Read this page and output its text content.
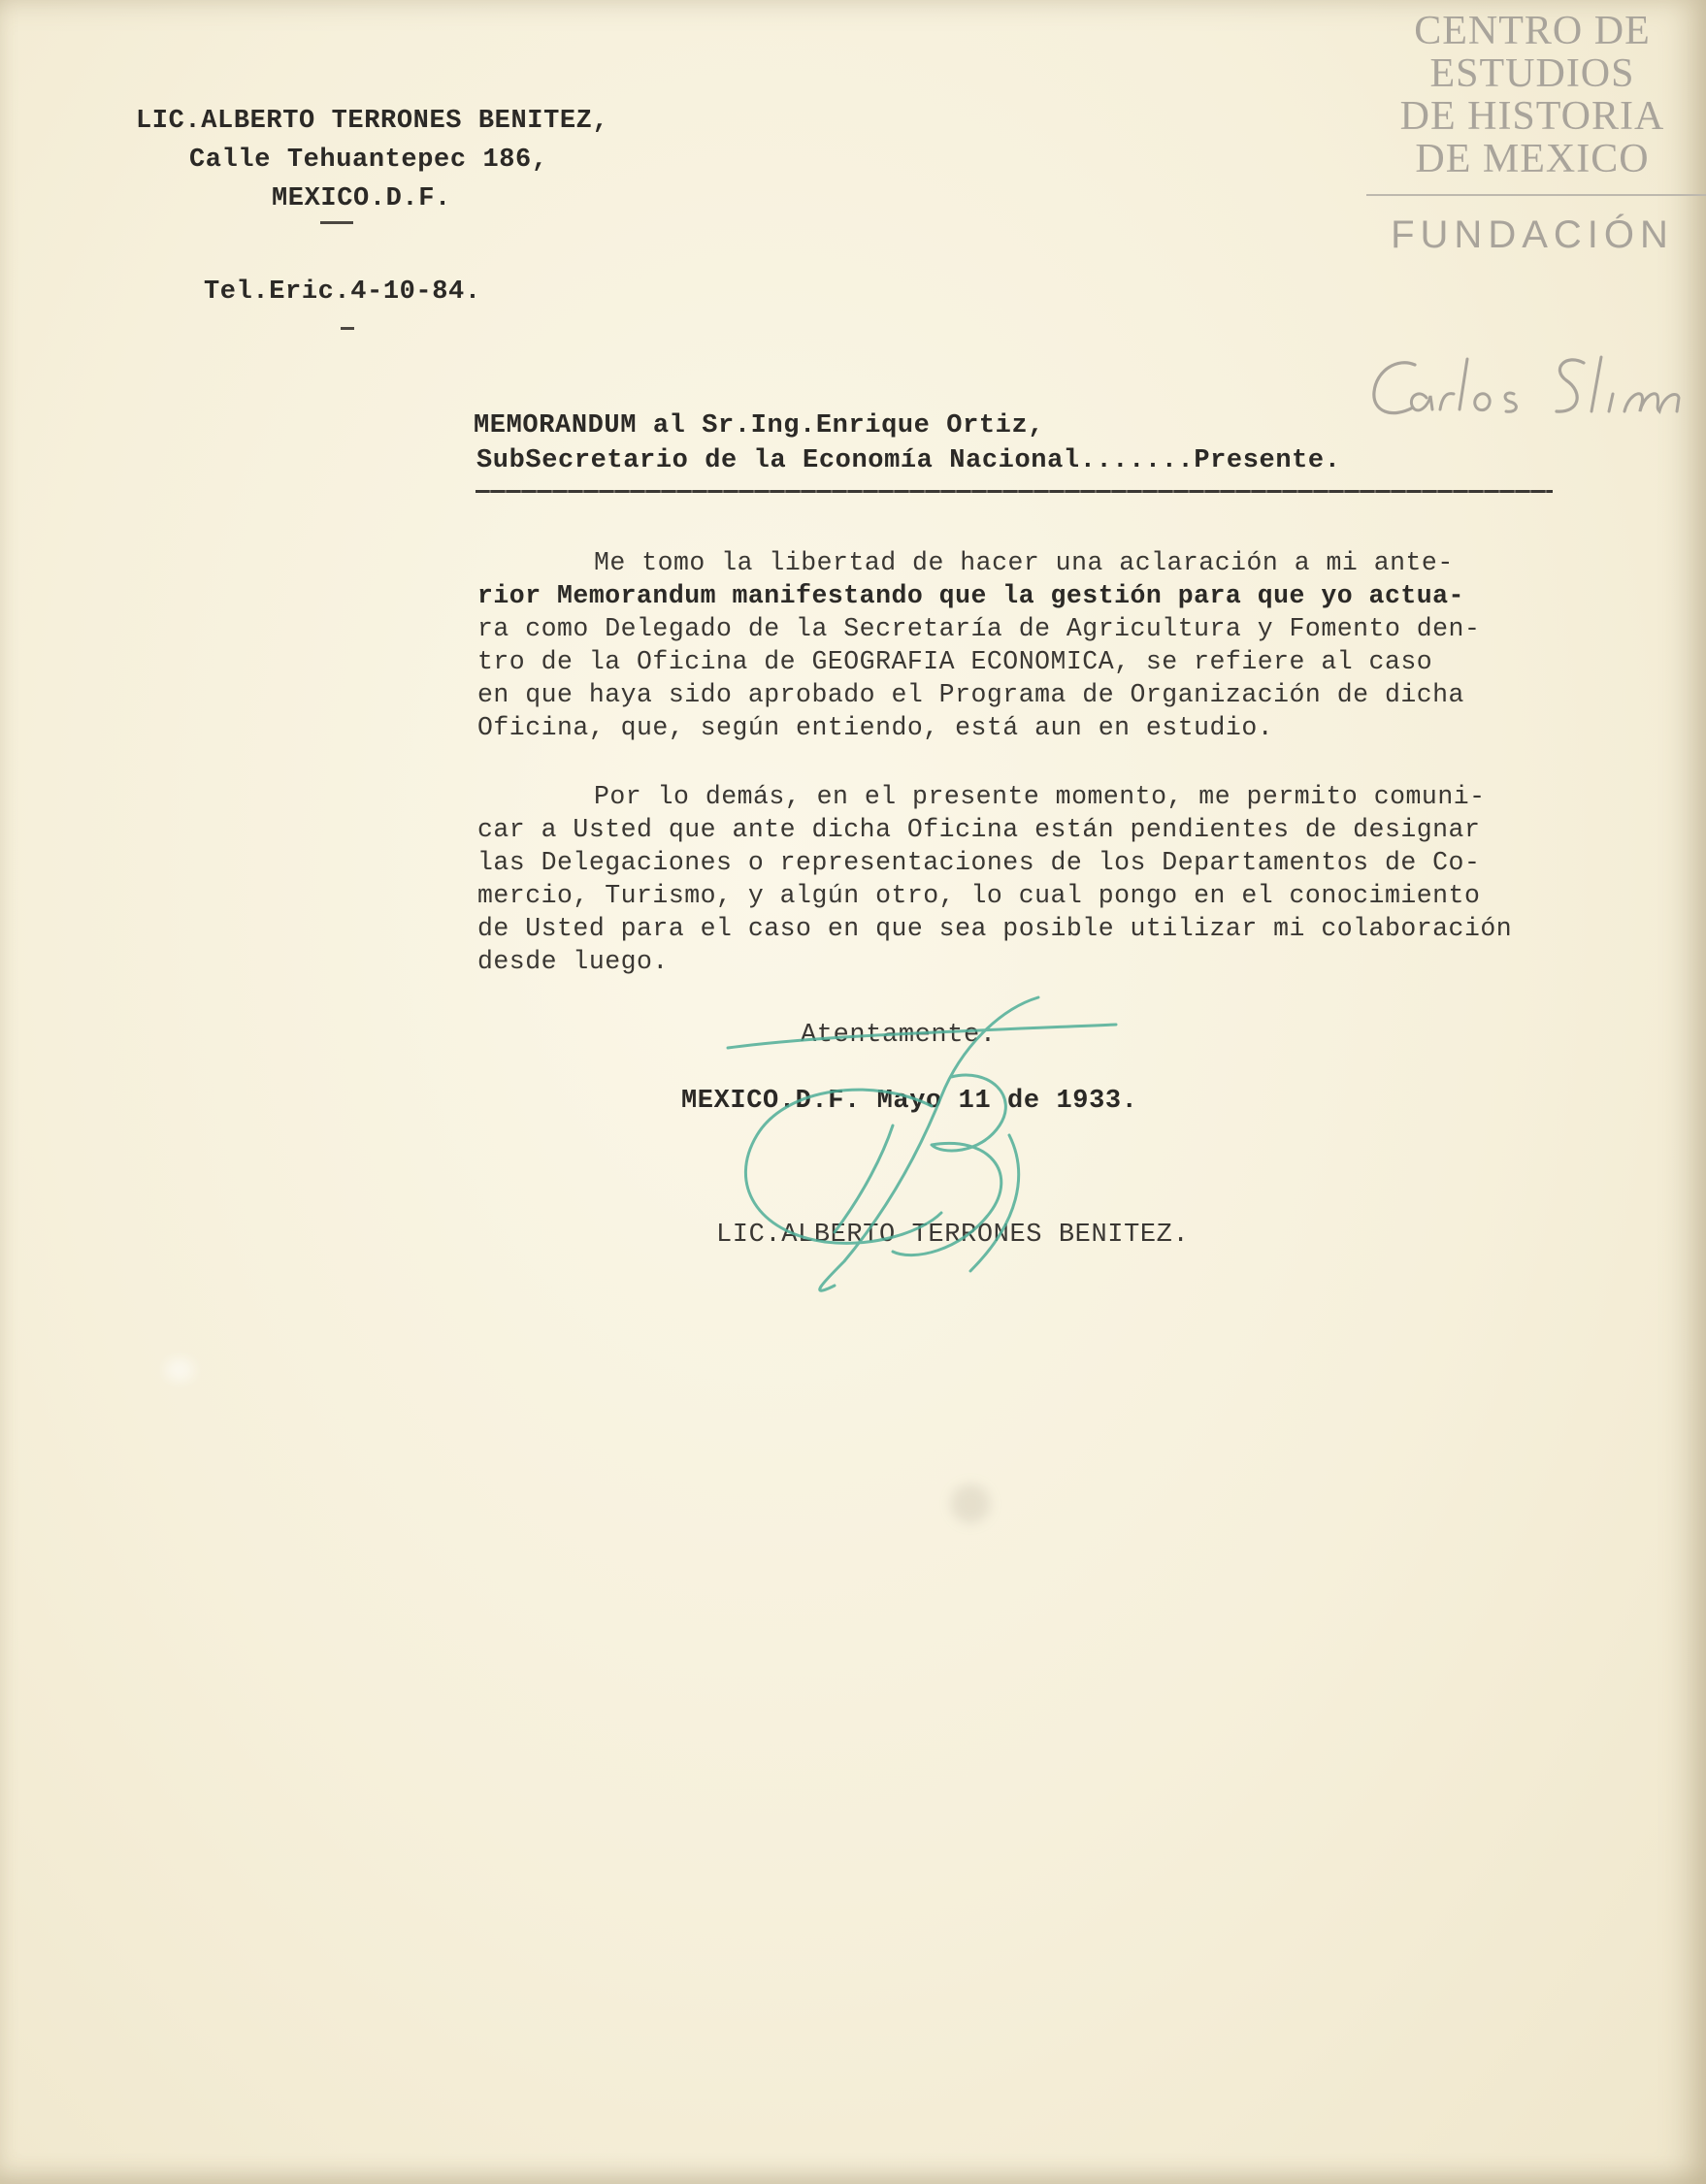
CENTRO DE
ESTUDIOS
DE HISTORIA
DE MEXICO
FUNDACIÓN
LIC.ALBERTO TERRONES BENITEZ,
Calle Tehuantepec 186,
MEXICO.D.F.
Tel.Eric.4-10-84.
MEMORANDUM al Sr.Ing.Enrique Ortiz,
SubSecretario de la Economía Nacional.......Presente.
Me tomo la libertad de hacer una aclaración a mi ante-
rior Memorandum manifestando que la gestión para que yo actua-
ra como Delegado de la Secretaría de Agricultura y Fomento den-
tro de la Oficina de GEOGRAFIA ECONOMICA, se refiere al caso
en que haya sido aprobado el Programa de Organización de dicha
Oficina, que, según entiendo, está aun en estudio.
Por lo demás, en el presente momento, me permito comuni-
car a Usted que ante dicha Oficina están pendientes de designar
las Delegaciones o representaciones de los Departamentos de Co-
mercio, Turismo, y algún otro, lo cual pongo en el conocimiento
de Usted para el caso en que sea posible utilizar mi colaboración
desde luego.
Atentamente.
MEXICO.D.F. Mayo 11 de 1933.
LIC.ALBERTO TERRONES BENITEZ.
